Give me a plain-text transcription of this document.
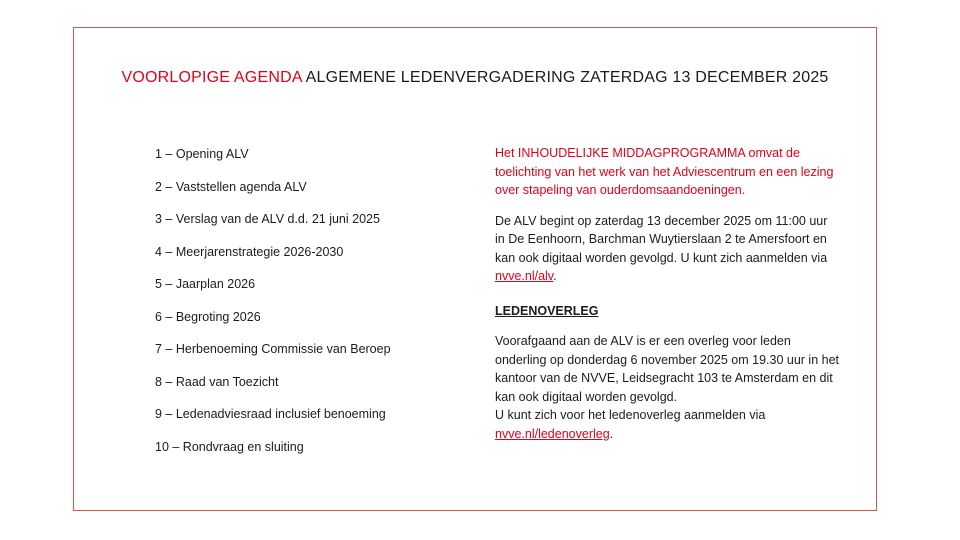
VOORLOPIGE AGENDA ALGEMENE LEDENVERGADERING ZATERDAG 13 DECEMBER 2025
1 – Opening ALV
2 – Vaststellen agenda ALV
3 – Verslag van de ALV d.d. 21 juni 2025
4 – Meerjarenstrategie 2026-2030
5 – Jaarplan 2026
6 – Begroting 2026
7 – Herbenoeming Commissie van Beroep
8 – Raad van Toezicht
9 – Ledenadviesraad inclusief benoeming
10 – Rondvraag en sluiting

Het INHOUDELIJKE MIDDAGPROGRAMMA omvat de toelichting van het werk van het Adviescentrum en een lezing over stapeling van ouderdomsaandoeningen.

De ALV begint op zaterdag 13 december 2025 om 11:00 uur in De Eenhoorn, Barchman Wuytierslaan 2 te Amersfoort en kan ook digitaal worden gevolgd. U kunt zich aanmelden via nvve.nl/alv.

LEDENOVERLEG

Voorafgaand aan de ALV is er een overleg voor leden onderling op donderdag 6 november 2025 om 19.30 uur in het kantoor van de NVVE, Leidsegracht 103 te Amsterdam en dit kan ook digitaal worden gevolgd.
U kunt zich voor het ledenoverleg aanmelden via
nvve.nl/ledenoverleg.
